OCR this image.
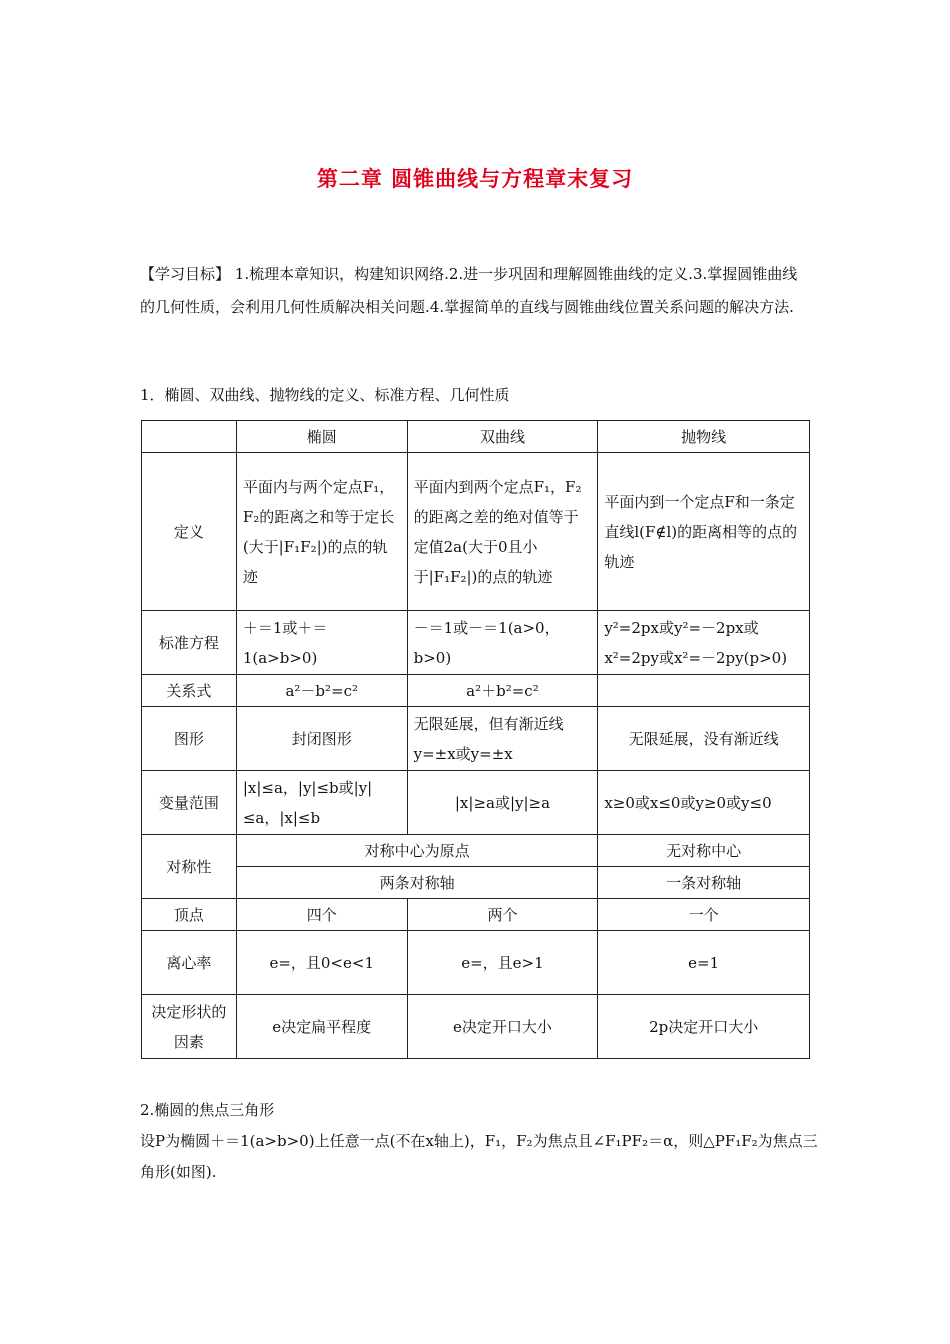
第二章 圆锥曲线与方程章末复习
【学习目标】 1.梳理本章知识，构建知识网络.2.进一步巩固和理解圆锥曲线的定义.3.掌握圆锥曲线的几何性质，会利用几何性质解决相关问题.4.掌握简单的直线与圆锥曲线位置关系问题的解决方法.
1．椭圆、双曲线、抛物线的定义、标准方程、几何性质
	椭圆	双曲线	抛物线
定义	平面内与两个定点F₁，F₂的距离之和等于定长(大于|F₁F₂|)的点的轨迹	平面内到两个定点F₁，F₂的距离之差的绝对值等于定值2a(大于0且小于|F₁F₂|)的点的轨迹	平面内到一个定点F和一条定直线l(F∉l)的距离相等的点的轨迹
标准方程	＋＝1或＋＝1(a>b>0)	－＝1或－＝1(a>0，b>0)	y²=2px或y²=－2px或x²=2py或x²=－2py(p>0)
关系式	a²－b²=c²	a²＋b²=c²	
图形	封闭图形	无限延展，但有渐近线y=±x或y=±x	无限延展，没有渐近线
变量范围	|x|≤a，|y|≤b或|y|≤a，|x|≤b	|x|≥a或|y|≥a	x≥0或x≤0或y≥0或y≤0
对称性	对称中心为原点		无对称中心
	两条对称轴		一条对称轴
顶点	四个	两个	一个
离心率	e=，且0<e<1	e=，且e>1	e=1
决定形状的因素	e决定扁平程度	e决定开口大小	2p决定开口大小
2.椭圆的焦点三角形
设P为椭圆＋＝1(a>b>0)上任意一点(不在x轴上)，F₁，F₂为焦点且∠F₁PF₂＝α，则△PF₁F₂为焦点三角形(如图).
